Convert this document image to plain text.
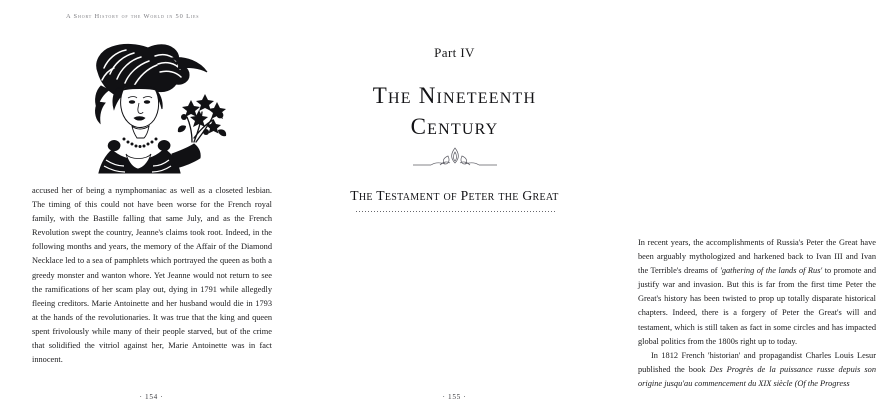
A Short History of the World in 50 Lies

accused her of being a nymphomaniac as well as a closeted lesbian. The timing of this could not have been worse for the French royal family, with the Bastille falling that same July, and as the French Revolution swept the country, Jeanne's claims took root. Indeed, in the following months and years, the memory of the Affair of the Diamond Necklace led to a sea of pamphlets which portrayed the queen as both a greedy monster and wanton whore. Yet Jeanne would not return to see the ramifications of her scam play out, dying in 1791 while allegedly fleeing creditors. Marie Antoinette and her husband would die in 1793 at the hands of the revolutionaries. It was true that the king and queen spent frivolously while many of their people starved, but of the crime that solidified the vitriol against her, Marie Antoinette was in fact innocent.

· 154 ·
Part IV
The Nineteenth
Century
The Testament of Peter the Great

In recent years, the accomplishments of Russia's Peter the Great have been arguably mythologized and harkened back to Ivan III and Ivan the Terrible's dreams of 'gathering of the lands of Rus' to promote and justify war and invasion. But this is far from the first time Peter the Great's history has been twisted to prop up totally disparate historical chapters. Indeed, there is a forgery of Peter the Great's will and testament, which is still taken as fact in some circles and has impacted global politics from the 1800s right up to today.

In 1812 French 'historian' and propagandist Charles Louis Lesur published the book Des Progrès de la puissance russe depuis son origine jusqu'au commencement du XIX siècle (Of the Progress

· 155 ·
